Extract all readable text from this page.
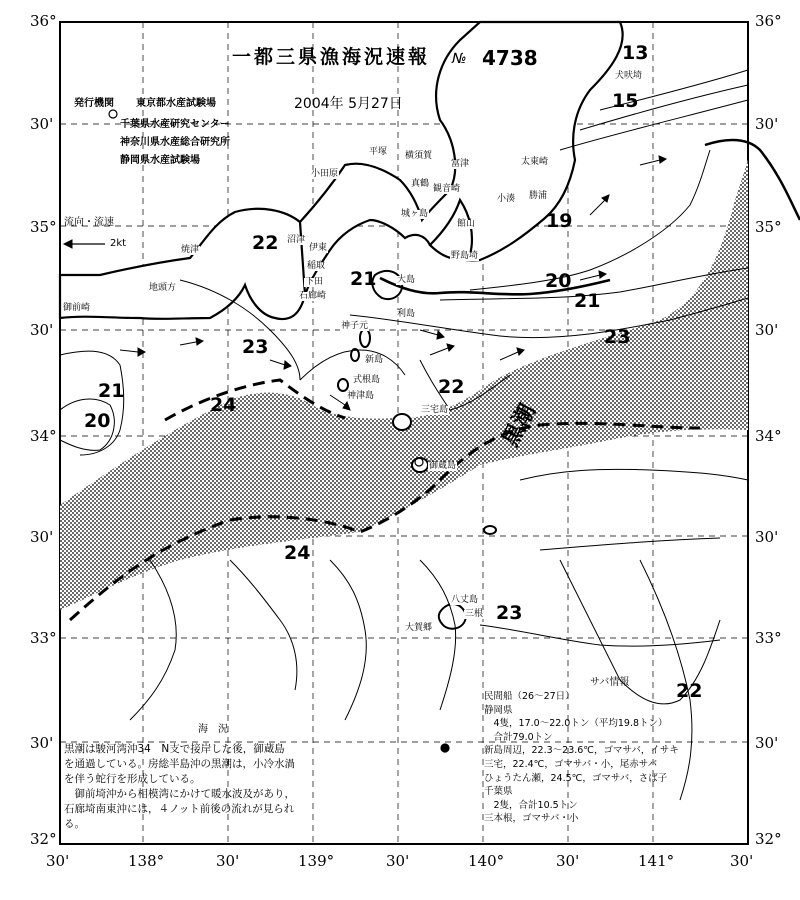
36°
30'
35°
30'
34°
30'
33°
30'
32°
36°
30'
35°
30'
34°
30'
33°
30'
32°
30'	138°	30'	139°	30'	140°	30'	141°	30'
一都三県漁海況速報 № 4738
2004年 5月27日
発行機関 東京都水産試験場
千葉県水産研究センター
神奈川県水産総合研究所
静岡県水産試験場
流向・流速
2kt
13
15
19
20
21
22
23
24
21
20
22
21
23
24
23
22
黒潮
犬吠埼
平塚 横須賀
富津
小田原
真鶴 観音崎
太東崎
沼津
伊東
城ヶ島
館山
小湊 勝浦
焼津
稲取
野島埼
下田
御前崎
石廊崎
利島
新島
式根島
神津島
三宅島
御蔵島
八丈島
大賀郷
三根
地頭方
神子元
大島
サバ情報
海　況
黒潮は駿河湾沖34　N支で接岸した後，御蔵島
を通過している。房総半島沖の黒潮は，小冷水渦
を伴う蛇行を形成している。
　御前埼沖から相模湾にかけて暖水波及があり，
石廊埼南東沖には，４ノット前後の流れが見られ
る。
民間船（26～27日）
静岡県
　4隻，17.0～22.0トン（平均19.8トン）
　合計79.0トン
新島周辺，22.3～23.6℃，ゴマサバ，イサキ
三宅，22.4℃，ゴマサバ・小，尾赤サバ
ひょうたん瀬，24.5℃，ゴマサバ，さば子
千葉県
　2隻，合計10.5トン
三本根，ゴマサバ・小
